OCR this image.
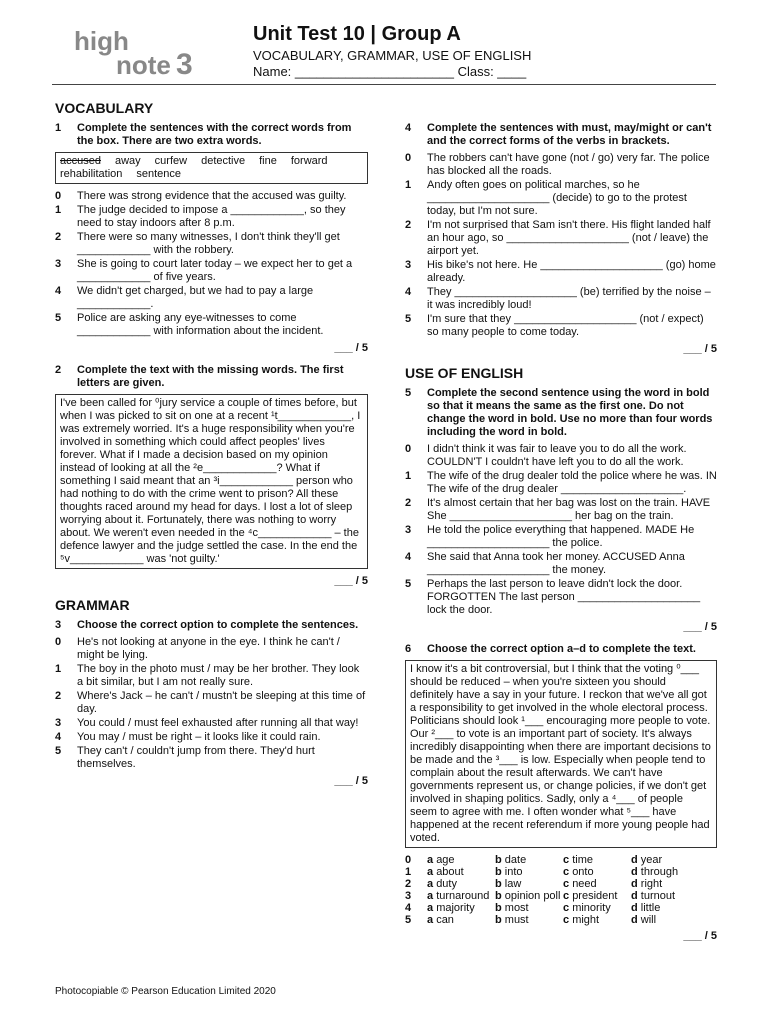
high
note 3
Unit Test 10 | Group A
VOCABULARY, GRAMMAR, USE OF ENGLISH
Name: ______________________ Class: ____
VOCABULARY
1	Complete the sentences with the correct words from the box. There are two extra words.
accused away curfew detective fine forward
rehabilitation sentence
0	There was strong evidence that the accused was guilty.
1	The judge decided to impose a ____________, so they need to stay indoors after 8 p.m.
2	There were so many witnesses, I don't think they'll get ____________ with the robbery.
3	She is going to court later today – we expect her to get a ____________ of five years.
4	We didn't get charged, but we had to pay a large ____________.
5	Police are asking any eye-witnesses to come ____________ with information about the incident.
___ / 5
2	Complete the text with the missing words. The first letters are given.
I've been called for ⁰jury service a couple of times before, but when I was picked to sit on one at a recent ¹t____________, I was extremely worried. It's a huge responsibility when you're involved in something which could affect peoples' lives forever. What if I made a decision based on my opinion instead of looking at all the ²e____________? What if something I said meant that an ³i____________ person who had nothing to do with the crime went to prison? All these thoughts raced around my head for days. I lost a lot of sleep worrying about it. Fortunately, there was nothing to worry about. We weren't even needed in the ⁴c____________ – the defence lawyer and the judge settled the case. In the end the ⁵v____________ was 'not guilty.'
___ / 5
GRAMMAR
3	Choose the correct option to complete the sentences.
0	He's not looking at anyone in the eye. I think he can't / might be lying.
1	The boy in the photo must / may be her brother. They look a bit similar, but I am not really sure.
2	Where's Jack – he can't / mustn't be sleeping at this time of day.
3	You could / must feel exhausted after running all that way!
4	You may / must be right – it looks like it could rain.
5	They can't / couldn't jump from there. They'd hurt themselves.
___ / 5
4	Complete the sentences with must, may/might or can't and the correct forms of the verbs in brackets.
0	The robbers can't have gone (not / go) very far. The police has blocked all the roads.
1	Andy often goes on political marches, so he ____________________ (decide) to go to the protest today, but I'm not sure.
2	I'm not surprised that Sam isn't there. His flight landed half an hour ago, so ____________________ (not / leave) the airport yet.
3	His bike's not here. He ____________________ (go) home already.
4	They ____________________ (be) terrified by the noise – it was incredibly loud!
5	I'm sure that they ____________________ (not / expect) so many people to come today.
___ / 5
USE OF ENGLISH
5	Complete the second sentence using the word in bold so that it means the same as the first one. Do not change the word in bold. Use no more than four words including the word in bold.
0	I didn't think it was fair to leave you to do all the work. COULDN'T I couldn't have left you to do all the work.
1	The wife of the drug dealer told the police where he was. IN The wife of the drug dealer ____________________.
2	It's almost certain that her bag was lost on the train. HAVE She ____________________ her bag on the train.
3	He told the police everything that happened. MADE He ____________________ the police.
4	She said that Anna took her money. ACCUSED Anna ____________________ the money.
5	Perhaps the last person to leave didn't lock the door. FORGOTTEN The last person ____________________ lock the door.
___ / 5
6	Choose the correct option a–d to complete the text.
I know it's a bit controversial, but I think that the voting ⁰___ should be reduced – when you're sixteen you should definitely have a say in your future. I reckon that we've all got a responsibility to get involved in the whole electoral process. Politicians should look ¹___ encouraging more people to vote. Our ²___ to vote is an important part of society. It's always incredibly disappointing when there are important decisions to be made and the ³___ is low. Especially when people tend to complain about the result afterwards. We can't have governments represent us, or change policies, if we don't get involved in shaping politics. Sadly, only a ⁴___ of people seem to agree with me. I often wonder what ⁵___ have happened at the recent referendum if more young people had voted.
0	a age	b date	c time	d year
1	a about	b into	c onto	d through
2	a duty	b law	c need	d right
3	a turnaround b opinion poll c president	d turnout
4	a majority	b most	c minority	d little
5	a can	b must	c might	d will
___ / 5
Photocopiable © Pearson Education Limited 2020
